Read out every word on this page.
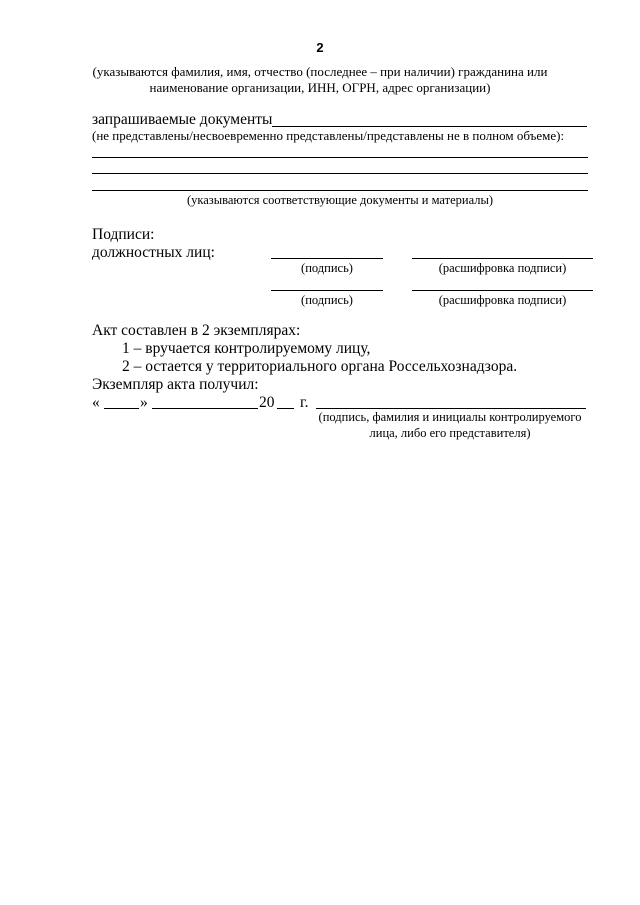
2
(указываются фамилия, имя, отчество (последнее – при наличии) гражданина или
наименование организации, ИНН, ОГРН, адрес организации)
запрашиваемые документы
(не представлены/несвоевременно представлены/представлены не в полном объеме):
(указываются соответствующие документы и материалы)
Подписи:
должностных лиц:
(подпись)	(расшифровка подписи)
(подпись)	(расшифровка подписи)
Акт составлен в 2 экземплярах:
1 – вручается контролируемому лицу,
2 – остается у территориального органа Россельхознадзора.
Экземпляр акта получил:
«	»	20 г.
(подпись, фамилия и инициалы контролируемого
лица, либо его представителя)
